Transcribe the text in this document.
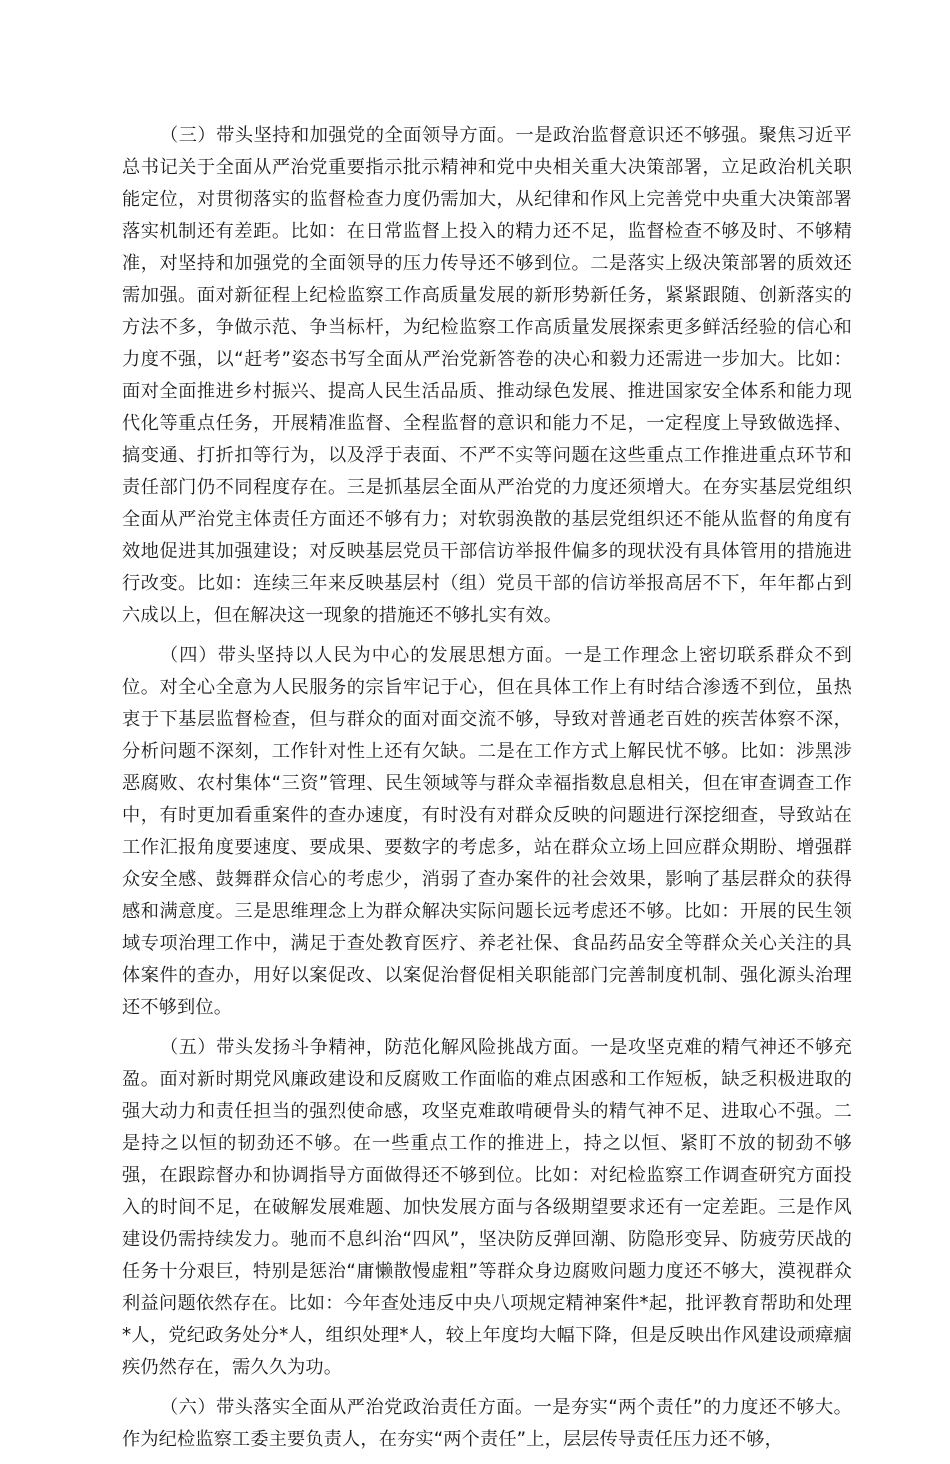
（三）带头坚持和加强党的全面领导方面。一是政治监督意识还不够强。聚焦习近平总书记关于全面从严治党重要指示批示精神和党中央相关重大决策部署，立足政治机关职能定位，对贯彻落实的监督检查力度仍需加大，从纪律和作风上完善党中央重大决策部署落实机制还有差距。比如：在日常监督上投入的精力还不足，监督检查不够及时、不够精准，对坚持和加强党的全面领导的压力传导还不够到位。二是落实上级决策部署的质效还需加强。面对新征程上纪检监察工作高质量发展的新形势新任务，紧紧跟随、创新落实的方法不多，争做示范、争当标杆，为纪检监察工作高质量发展探索更多鲜活经验的信心和力度不强，以“赶考”姿态书写全面从严治党新答卷的决心和毅力还需进一步加大。比如：面对全面推进乡村振兴、提高人民生活品质、推动绿色发展、推进国家安全体系和能力现代化等重点任务，开展精准监督、全程监督的意识和能力不足，一定程度上导致做选择、搞变通、打折扣等行为，以及浮于表面、不严不实等问题在这些重点工作推进重点环节和责任部门仍不同程度存在。三是抓基层全面从严治党的力度还须增大。在夯实基层党组织全面从严治党主体责任方面还不够有力；对软弱涣散的基层党组织还不能从监督的角度有效地促进其加强建设；对反映基层党员干部信访举报件偏多的现状没有具体管用的措施进行改变。比如：连续三年来反映基层村（组）党员干部的信访举报高居不下，年年都占到六成以上，但在解决这一现象的措施还不够扎实有效。

（四）带头坚持以人民为中心的发展思想方面。一是工作理念上密切联系群众不到位。对全心全意为人民服务的宗旨牢记于心，但在具体工作上有时结合渗透不到位，虽热衷于下基层监督检查，但与群众的面对面交流不够，导致对普通老百姓的疾苦体察不深，分析问题不深刻，工作针对性上还有欠缺。二是在工作方式上解民忧不够。比如：涉黑涉恶腐败、农村集体“三资”管理、民生领域等与群众幸福指数息息相关，但在审查调查工作中，有时更加看重案件的查办速度，有时没有对群众反映的问题进行深挖细查，导致站在工作汇报角度要速度、要成果、要数字的考虑多，站在群众立场上回应群众期盼、增强群众安全感、鼓舞群众信心的考虑少，消弱了查办案件的社会效果，影响了基层群众的获得感和满意度。三是思维理念上为群众解决实际问题长远考虑还不够。比如：开展的民生领域专项治理工作中，满足于查处教育医疗、养老社保、食品药品安全等群众关心关注的具体案件的查办，用好以案促改、以案促治督促相关职能部门完善制度机制、强化源头治理还不够到位。

（五）带头发扬斗争精神，防范化解风险挑战方面。一是攻坚克难的精气神还不够充盈。面对新时期党风廉政建设和反腐败工作面临的难点困惑和工作短板，缺乏积极进取的强大动力和责任担当的强烈使命感，攻坚克难敢啃硬骨头的精气神不足、进取心不强。二是持之以恒的韧劲还不够。在一些重点工作的推进上，持之以恒、紧盯不放的韧劲不够强，在跟踪督办和协调指导方面做得还不够到位。比如：对纪检监察工作调查研究方面投入的时间不足，在破解发展难题、加快发展方面与各级期望要求还有一定差距。三是作风建设仍需持续发力。驰而不息纠治“四风”，坚决防反弹回潮、防隐形变异、防疲劳厌战的任务十分艰巨，特别是惩治“庸懒散慢虚粗”等群众身边腐败问题力度还不够大，漠视群众利益问题依然存在。比如：今年查处违反中央八项规定精神案件*起，批评教育帮助和处理*人，党纪政务处分*人，组织处理*人，较上年度均大幅下降，但是反映出作风建设顽瘴痼疾仍然存在，需久久为功。

（六）带头落实全面从严治党政治责任方面。一是夯实“两个责任”的力度还不够大。作为纪检监察工委主要负责人，在夯实“两个责任”上，层层传导责任压力还不够，
